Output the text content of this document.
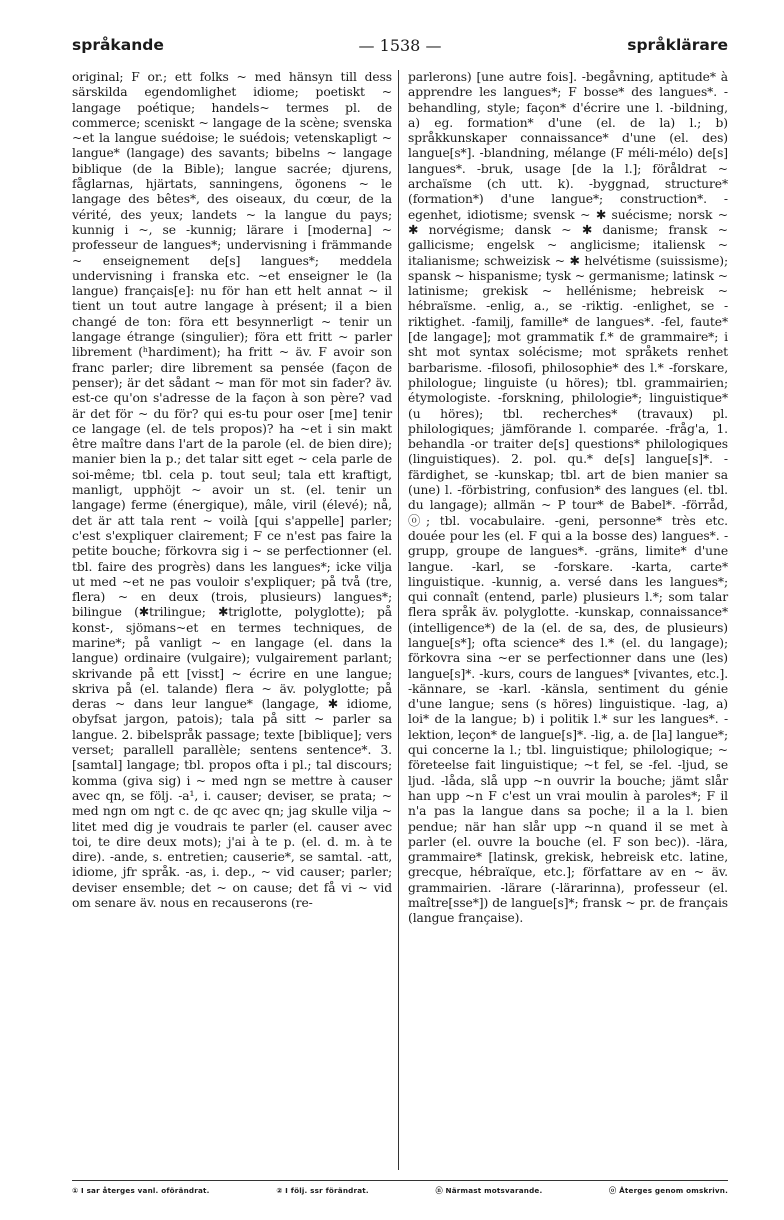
språkande	— 1538 —	språklärare
original; F or.; ett folks ~ med hänsyn till dess särskilda egendomlighet idiome; poetiskt ~ langage poétique; handels~ termes pl. de commerce; sceniskt ~ langage de la scène; svenska ~et la langue suédoise; le suédois; vetenskapligt ~ langue* (langage) des savants; bibelns ~ langage biblique (de la Bible); langue sacrée; djurens, fåglarnas, hjärtats, sanningens, ögonens ~ le langage des bêtes*, des oiseaux, du cœur, de la vérité, des yeux; landets ~ la langue du pays; kunnig i ~, se -kunnig; lärare i [moderna] ~ professeur de langues*; undervisning i främmande ~ enseignement de[s] langues*; meddela undervisning i franska etc. ~et enseigner le (la langue) français[e]: nu för han ett helt annat ~ il tient un tout autre langage à présent; il a bien changé de ton: föra ett besynnerligt ~ tenir un langage étrange (singulier); föra ett fritt ~ parler librement (ʰhardiment); ha fritt ~ äv. F avoir son franc parler; dire librement sa pensée (façon de penser); är det sådant ~ man för mot sin fader? äv. est-ce qu'on s'adresse de la façon à son père? vad är det för ~ du för? qui es-tu pour oser [me] tenir ce langage (el. de tels propos)? ha ~et i sin makt être maître dans l'art de la parole (el. de bien dire); manier bien la p.; det talar sitt eget ~ cela parle de soi-même; tbl. cela p. tout seul; tala ett kraftigt, manligt, upphöjt ~ avoir un st. (el. tenir un langage) ferme (énergique), mâle, viril (élevé); nå, det är att tala rent ~ voilà [qui s'appelle] parler; c'est s'expliquer clairement; F ce n'est pas faire la petite bouche; förkovra sig i ~ se perfectionner (el. tbl. faire des progrès) dans les langues*; icke vilja ut med ~et ne pas vouloir s'expliquer; på två (tre, flera) ~ en deux (trois, plusieurs) langues*; bilingue (✱trilingue; ✱triglotte, polyglotte); på konst-, sjömans~et en termes techniques, de marine*; på vanligt ~ en langage (el. dans la langue) ordinaire (vulgaire); vulgairement parlant; skrivande på ett [visst] ~ écrire en une langue; skriva på (el. talande) flera ~ äv. polyglotte; på deras ~ dans leur langue* (langage, ✱ idiome, obyfsat jargon, patois); tala på sitt ~ parler sa langue. 2. bibelspråk passage; texte [biblique]; vers verset; parallell parallèle; sentens sentence*. 3. [samtal] langage; tbl. propos ofta i pl.; tal discours; komma (giva sig) i ~ med ngn se mettre à causer avec qn, se följ. -a¹, i. causer; deviser, se prata; ~ med ngn om ngt c. de qc avec qn; jag skulle vilja ~ litet med dig je voudrais te parler (el. causer avec toi, te dire deux mots); j'ai à te p. (el. d. m. à te dire). -ande, s. entretien; causerie*, se samtal. -att, idiome, jfr språk. -as, i. dep., ~ vid causer; parler; deviser ensemble; det ~ on cause; det få vi ~ vid om senare äv. nous en recauserons (re-
parlerons) [une autre fois]. -begåvning, aptitude* à apprendre les langues*; F bosse* des langues*. -behandling, style; façon* d'écrire une l. -bildning, a) eg. formation* d'une (el. de la) l.; b) språkkunskaper connaissance* d'une (el. des) langue[s*]. -blandning, mélange (F méli-mélo) de[s] langues*. -bruk, usage [de la l.]; föråldrat ~ archaïsme (ch utt. k). -byggnad, structure* (formation*) d'une langue*; construction*. -egenhet, idiotisme; svensk ~ ✱ suécisme; norsk ~ ✱ norvégisme; dansk ~ ✱ danisme; fransk ~ gallicisme; engelsk ~ anglicisme; italiensk ~ italianisme; schweizisk ~ ✱ helvétisme (suissisme); spansk ~ hispanisme; tysk ~ germanisme; latinsk ~ latinisme; grekisk ~ hellénisme; hebreisk ~ hébraïsme. -enlig, a., se -riktig. -enlighet, se -riktighet. -familj, famille* de langues*. -fel, faute* [de langage]; mot grammatik f.* de grammaire*; i sht mot syntax solécisme; mot språkets renhet barbarisme. -filosofi, philosophie* des l.* -forskare, philologue; linguiste (u höres); tbl. grammairien; étymologiste. -forskning, philologie*; linguistique* (u höres); tbl. recherches* (travaux) pl. philologiques; jämförande l. comparée. -fråg'a, 1. behandla -or traiter de[s] questions* philologiques (linguistiques). 2. pol. qu.* de[s] langue[s]*. -färdighet, se -kunskap; tbl. art de bien manier sa (une) l. -förbistring, confusion* des langues (el. tbl. du langage); allmän ~ P tour* de Babel*. -förråd, ⓞ; tbl. vocabulaire. -geni, personne* très etc. douée pour les (el. F qui a la bosse des) langues*. -grupp, groupe de langues*. -gräns, limite* d'une langue. -karl, se -forskare. -karta, carte* linguistique. -kunnig, a. versé dans les langues*; qui connaît (entend, parle) plusieurs l.*; som talar flera språk äv. polyglotte. -kunskap, connaissance* (intelligence*) de la (el. de sa, des, de plusieurs) langue[s*]; ofta science* des l.* (el. du langage); förkovra sina ~er se perfectionner dans une (les) langue[s]*. -kurs, cours de langues* [vivantes, etc.]. -kännare, se -karl. -känsla, sentiment du génie d'une langue; sens (s höres) linguistique. -lag, a) loi* de la langue; b) i politik l.* sur les langues*. -lektion, leçon* de langue[s]*. -lig, a. de [la] langue*; qui concerne la l.; tbl. linguistique; philologique; ~ företeelse fait linguistique; ~t fel, se -fel. -ljud, se ljud. -låda, slå upp ~n ouvrir la bouche; jämt slår han upp ~n F c'est un vrai moulin à paroles*; F il n'a pas la langue dans sa poche; il a la l. bien pendue; när han slår upp ~n quand il se met à parler (el. ouvre la bouche (el. F son bec)). -lära, grammaire* [latinsk, grekisk, hebreisk etc. latine, grecque, hébraïque, etc.]; författare av en ~ äv. grammairien. -lärare (-lärarinna), professeur (el. maître[sse*]) de langue[s]*; fransk ~ pr. de français (langue française).
① I sar återges vanl. oförändrat.	② I följ. ssr förändrat.	ⓝ Närmast motsvarande.	ⓞ Återges genom omskrivn.
